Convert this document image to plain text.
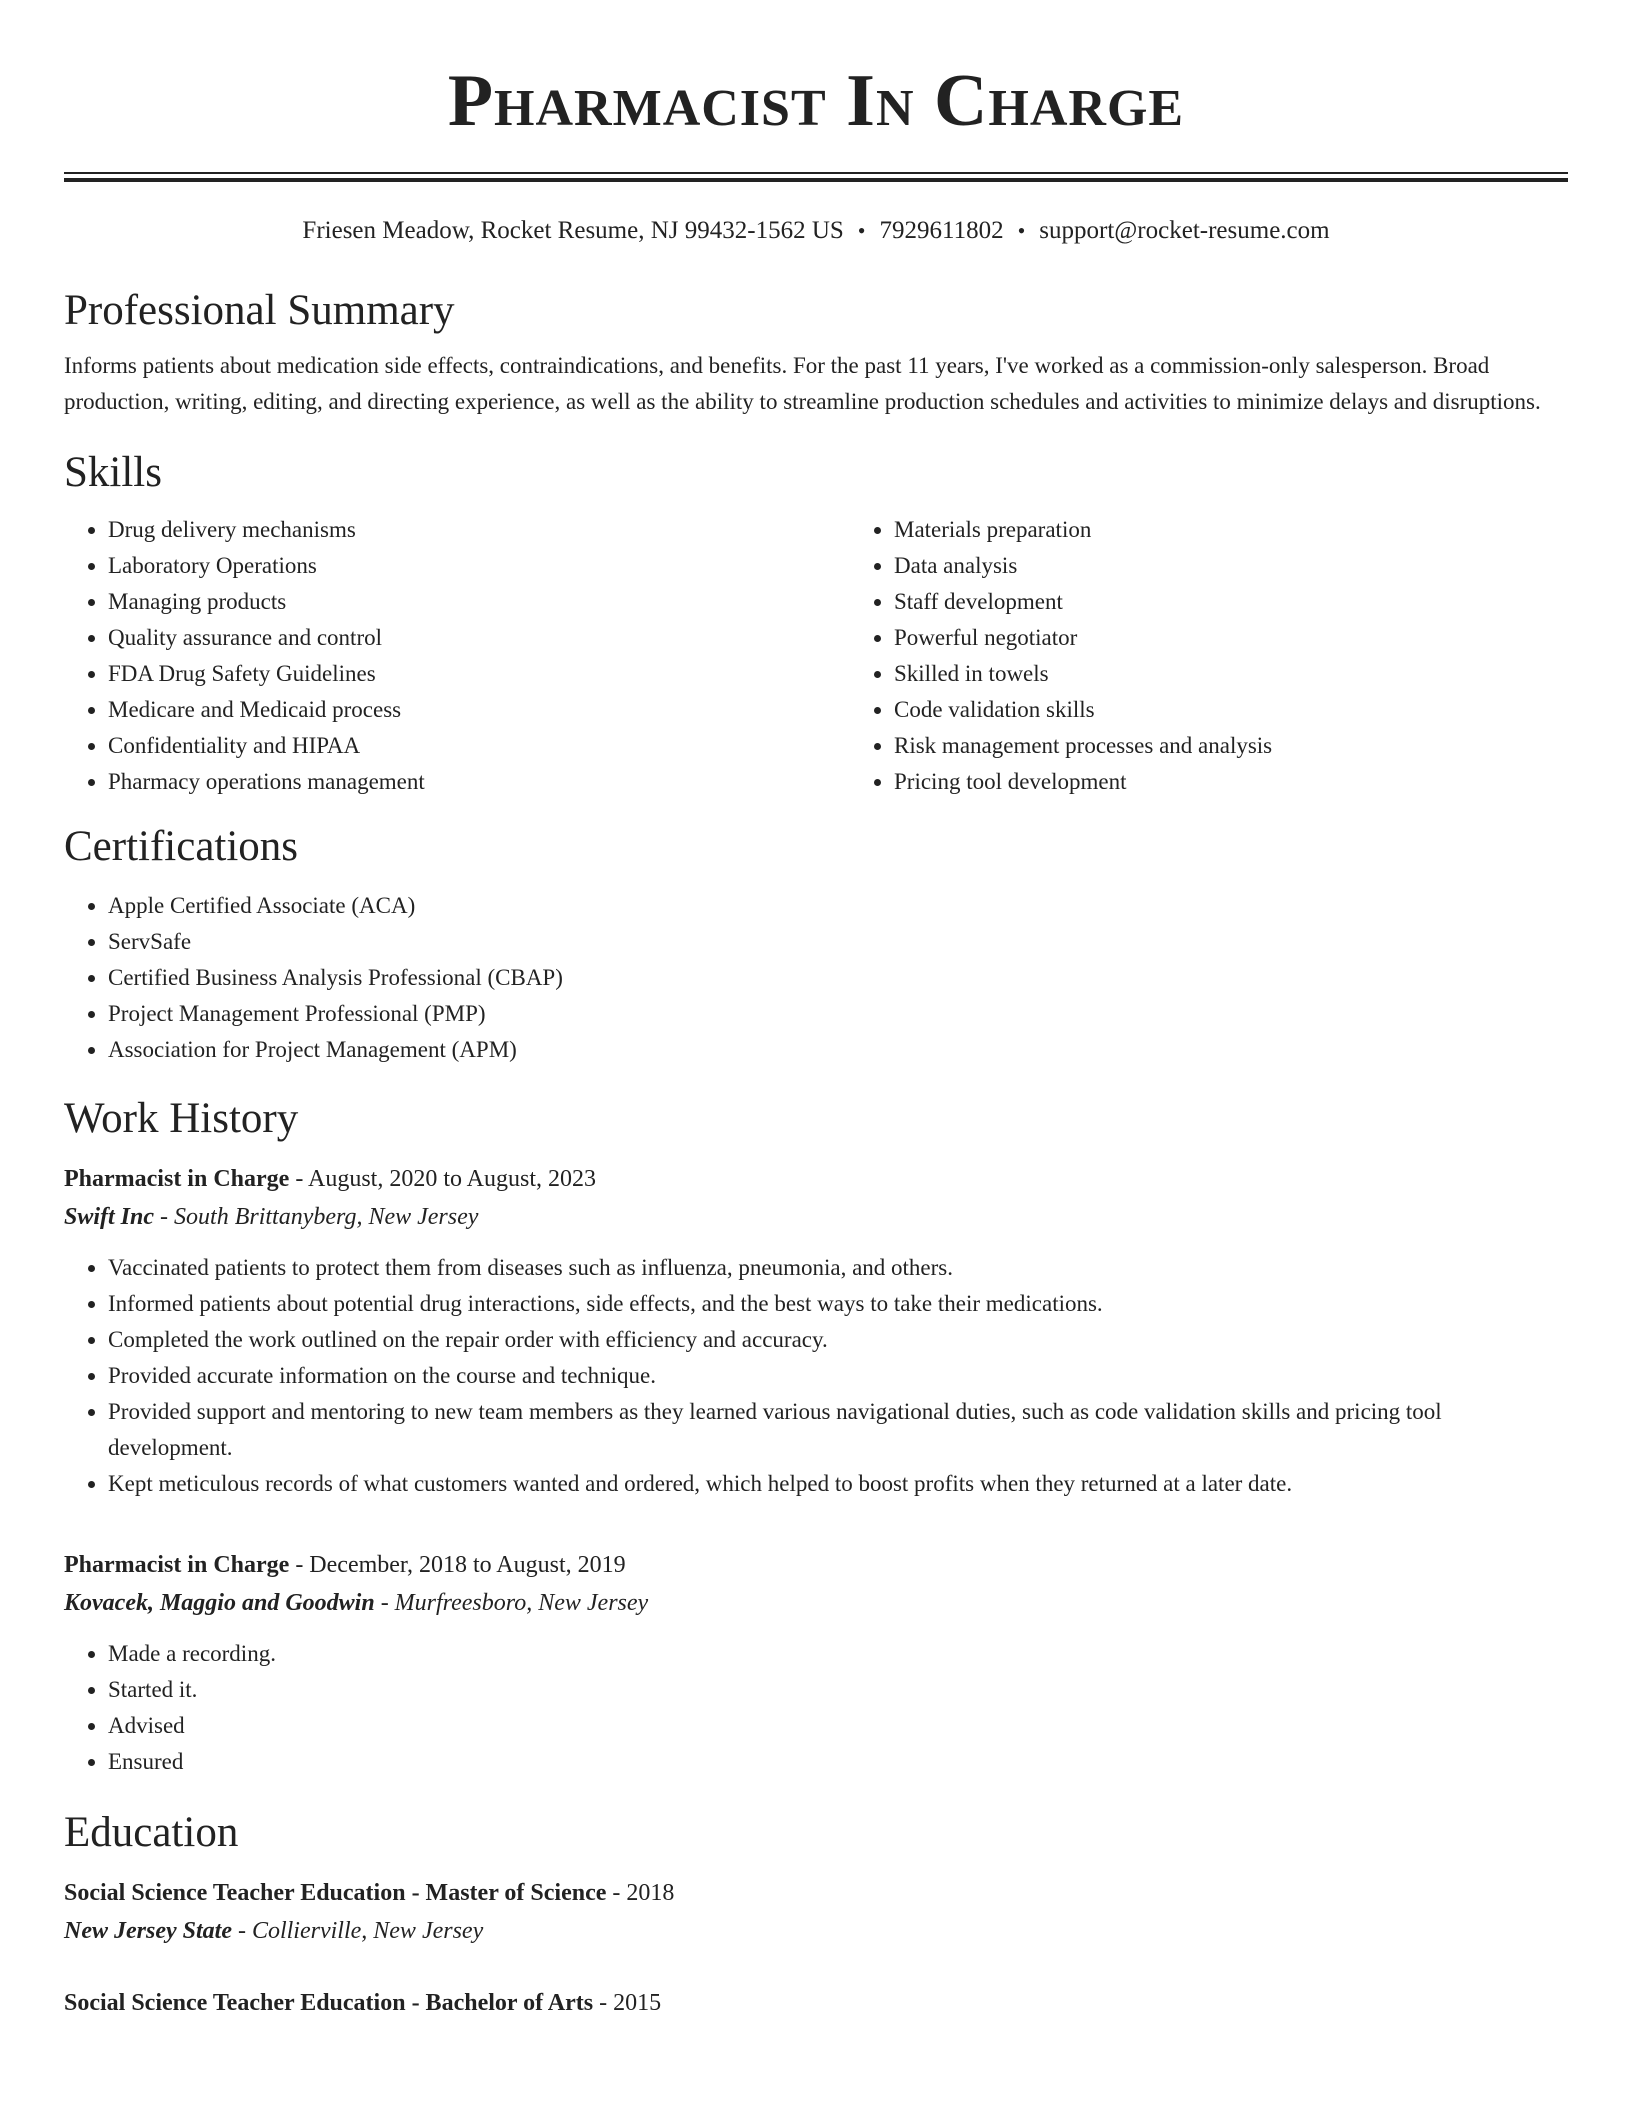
Pharmacist In Charge
Friesen Meadow, Rocket Resume, NJ 99432-1562 US • 7929611802 • support@rocket-resume.com
Professional Summary
Informs patients about medication side effects, contraindications, and benefits. For the past 11 years, I've worked as a commission-only salesperson. Broad production, writing, editing, and directing experience, as well as the ability to streamline production schedules and activities to minimize delays and disruptions.
Skills
• Drug delivery mechanisms
• Laboratory Operations
• Managing products
• Quality assurance and control
• FDA Drug Safety Guidelines
• Medicare and Medicaid process
• Confidentiality and HIPAA
• Pharmacy operations management
• Materials preparation
• Data analysis
• Staff development
• Powerful negotiator
• Skilled in towels
• Code validation skills
• Risk management processes and analysis
• Pricing tool development
Certifications
• Apple Certified Associate (ACA)
• ServSafe
• Certified Business Analysis Professional (CBAP)
• Project Management Professional (PMP)
• Association for Project Management (APM)
Work History
Pharmacist in Charge - August, 2020 to August, 2023
Swift Inc - South Brittanyberg, New Jersey
• Vaccinated patients to protect them from diseases such as influenza, pneumonia, and others.
• Informed patients about potential drug interactions, side effects, and the best ways to take their medications.
• Completed the work outlined on the repair order with efficiency and accuracy.
• Provided accurate information on the course and technique.
• Provided support and mentoring to new team members as they learned various navigational duties, such as code validation skills and pricing tool development.
• Kept meticulous records of what customers wanted and ordered, which helped to boost profits when they returned at a later date.
Pharmacist in Charge - December, 2018 to August, 2019
Kovacek, Maggio and Goodwin - Murfreesboro, New Jersey
• Made a recording.
• Started it.
• Advised
• Ensured
Education
Social Science Teacher Education - Master of Science - 2018
New Jersey State - Collierville, New Jersey
Social Science Teacher Education - Bachelor of Arts - 2015
